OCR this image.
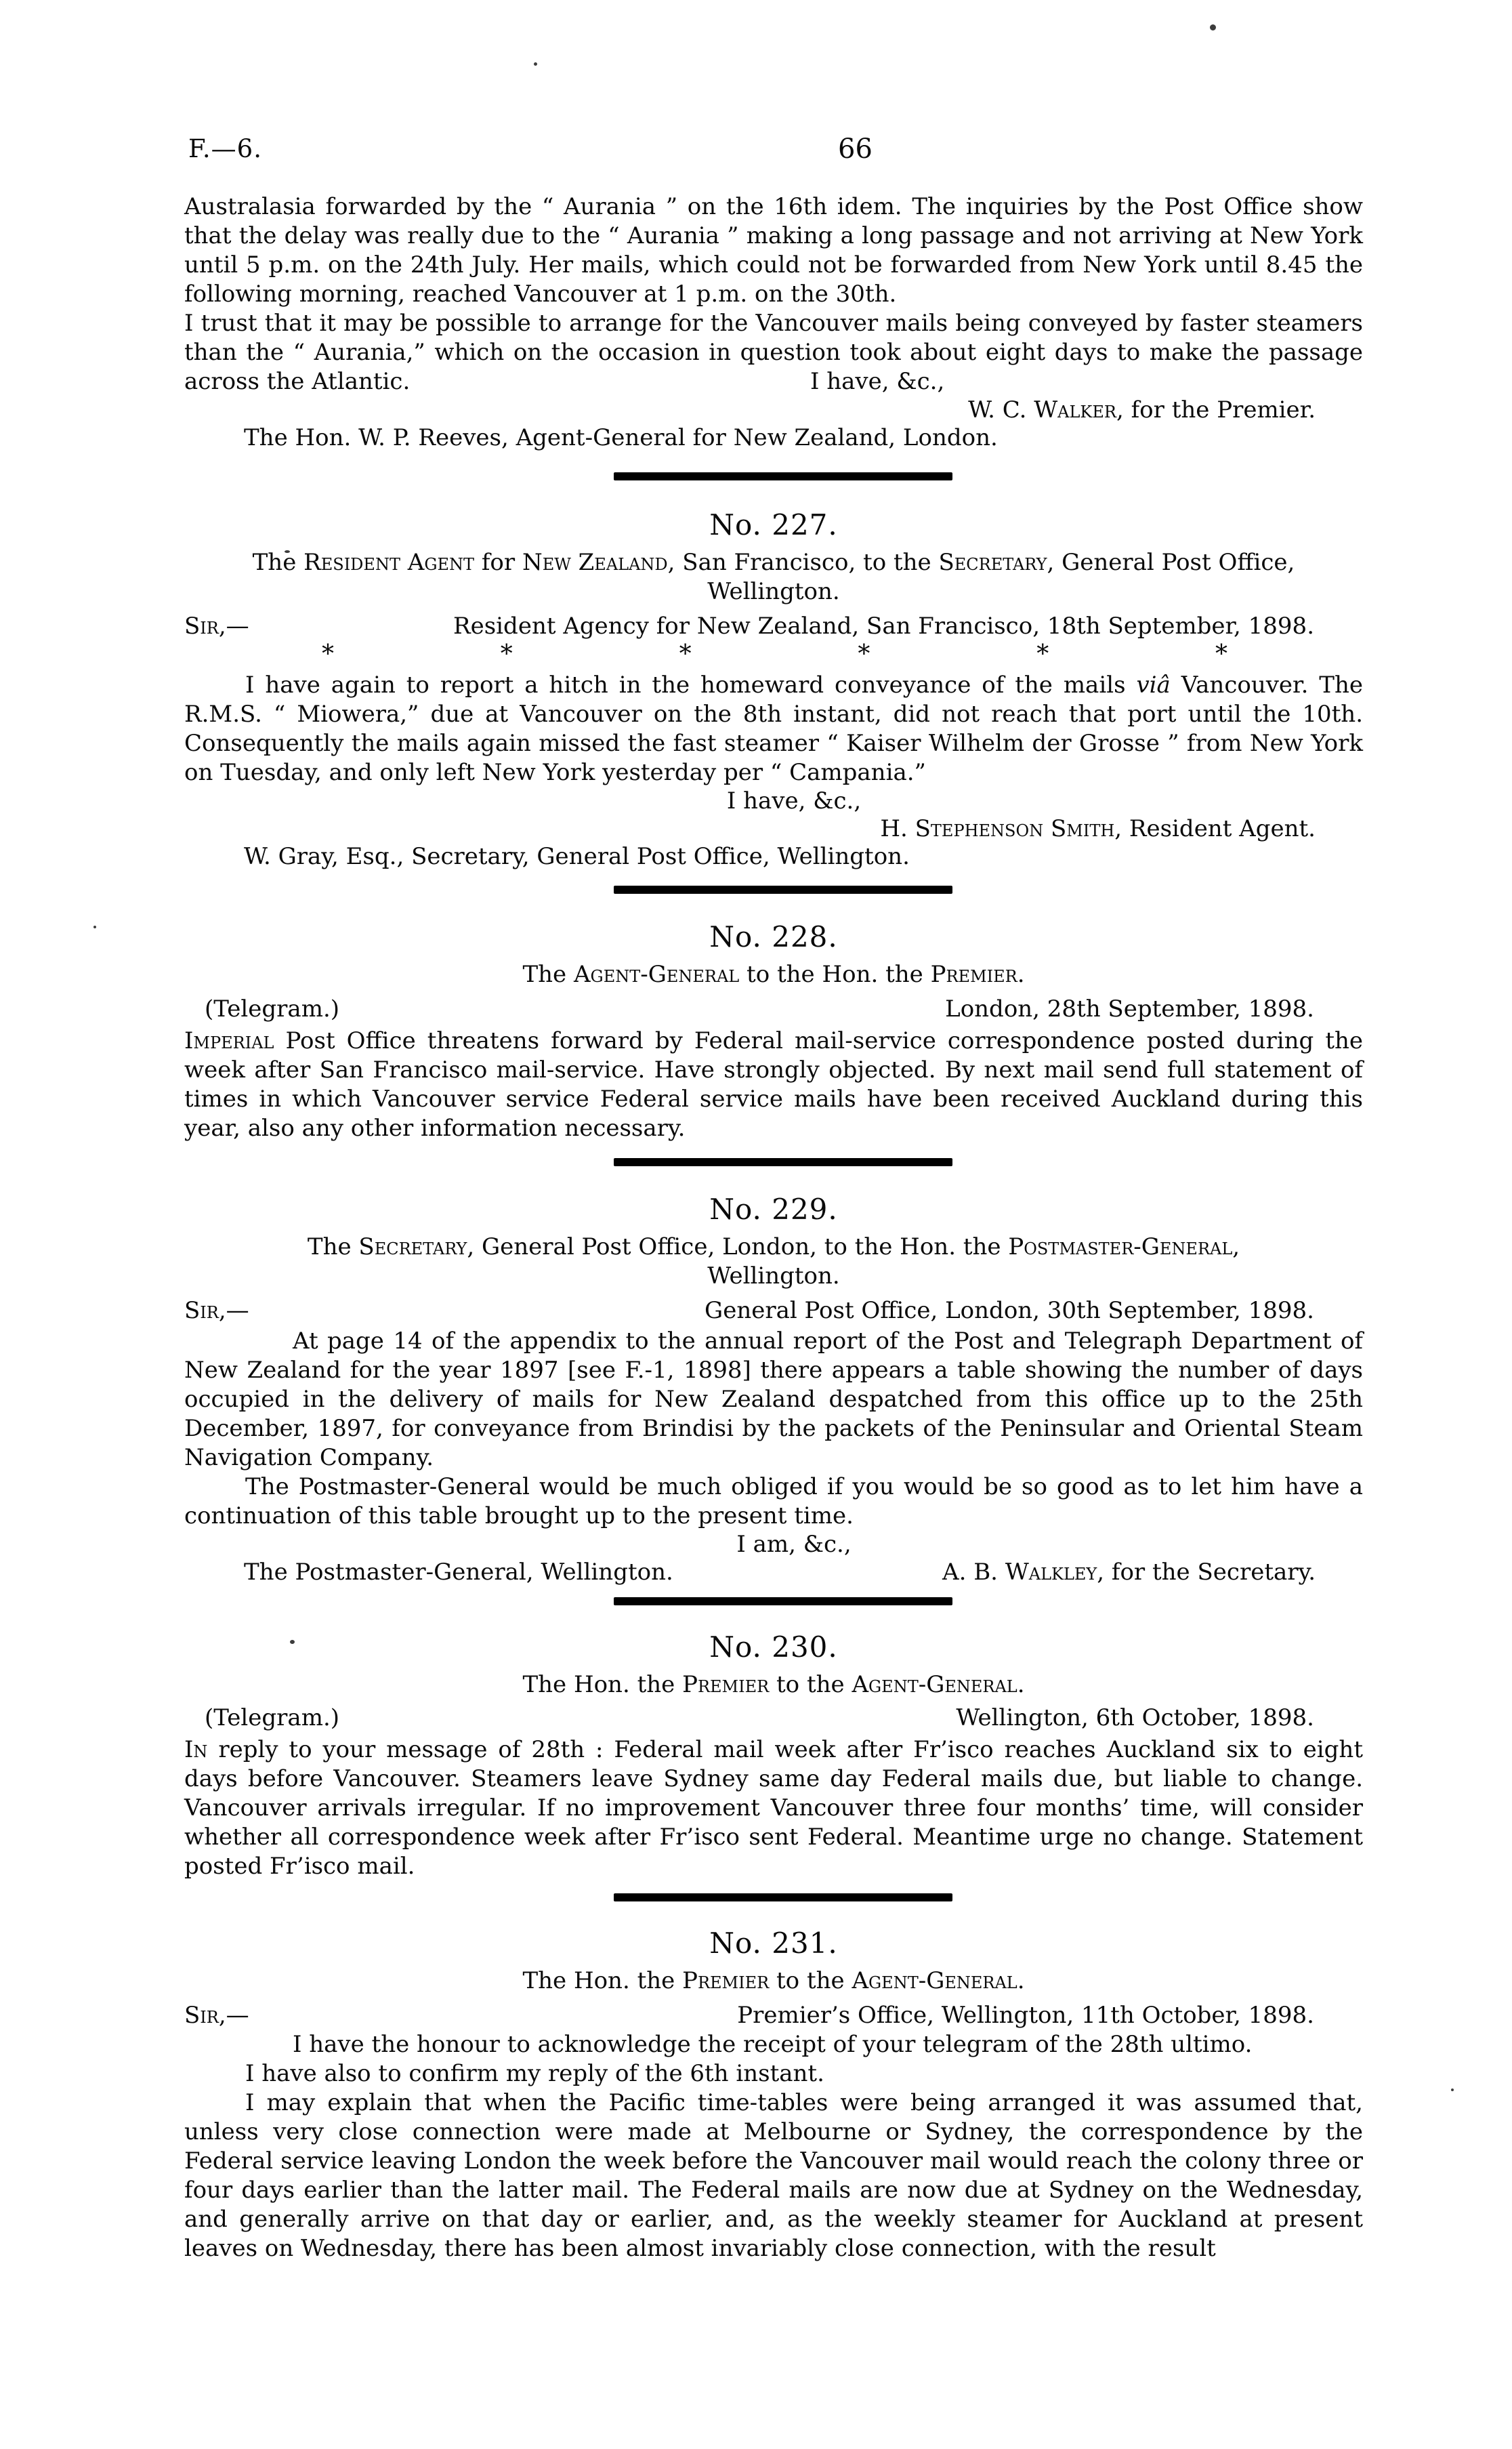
F.—6.	66

Australasia forwarded by the “ Aurania ” on the 16th idem. The inquiries by the Post Office show that the delay was really due to the “ Aurania ” making a long passage and not arriving at New York until 5 p.m. on the 24th July. Her mails, which could not be forwarded from New York until 8.45 the following morning, reached Vancouver at 1 p.m. on the 30th.

I trust that it may be possible to arrange for the Vancouver mails being conveyed by faster steamers than the “ Aurania,” which on the occasion in question took about eight days to make the passage across the Atlantic.	I have, &c.,
W. C. Walker, for the Premier.
The Hon. W. P. Reeves, Agent-General for New Zealand, London.
No. 227.
The Resident Agent for New Zealand, San Francisco, to the Secretary, General Post Office,
Wellington.
Sir,—	Resident Agency for New Zealand, San Francisco, 18th September, 1898.
*	*	*	*	*	*

I have again to report a hitch in the homeward conveyance of the mails viâ Vancouver. The R.M.S. “ Miowera,” due at Vancouver on the 8th instant, did not reach that port until the 10th. Consequently the mails again missed the fast steamer “ Kaiser Wilhelm der Grosse ” from New York on Tuesday, and only left New York yesterday per “ Campania.”

I have, &c.,
H. Stephenson Smith, Resident Agent.
W. Gray, Esq., Secretary, General Post Office, Wellington.
No. 228.
The Agent-General to the Hon. the Premier.
(Telegram.)	London, 28th September, 1898.

Imperial Post Office threatens forward by Federal mail-service correspondence posted during the week after San Francisco mail-service. Have strongly objected. By next mail send full statement of times in which Vancouver service Federal service mails have been received Auckland during this year, also any other information necessary.

No. 229.
The Secretary, General Post Office, London, to the Hon. the Postmaster-General,
Wellington.
Sir,—	General Post Office, London, 30th September, 1898.

At page 14 of the appendix to the annual report of the Post and Telegraph Department of New Zealand for the year 1897 [see F.-1, 1898] there appears a table showing the number of days occupied in the delivery of mails for New Zealand despatched from this office up to the 25th December, 1897, for conveyance from Brindisi by the packets of the Peninsular and Oriental Steam Navigation Company.

The Postmaster-General would be much obliged if you would be so good as to let him have a continuation of this table brought up to the present time.

I am, &c.,
The Postmaster-General, Wellington.	A. B. Walkley, for the Secretary.
No. 230.
The Hon. the Premier to the Agent-General.
(Telegram.)	Wellington, 6th October, 1898.

In reply to your message of 28th : Federal mail week after Fr’isco reaches Auckland six to eight days before Vancouver. Steamers leave Sydney same day Federal mails due, but liable to change. Vancouver arrivals irregular. If no improvement Vancouver three four months’ time, will consider whether all correspondence week after Fr’isco sent Federal. Meantime urge no change. Statement posted Fr’isco mail.

No. 231.
The Hon. the Premier to the Agent-General.
Sir,—	Premier’s Office, Wellington, 11th October, 1898.

I have the honour to acknowledge the receipt of your telegram of the 28th ultimo.

I have also to confirm my reply of the 6th instant.

I may explain that when the Pacific time-tables were being arranged it was assumed that, unless very close connection were made at Melbourne or Sydney, the correspondence by the Federal service leaving London the week before the Vancouver mail would reach the colony three or four days earlier than the latter mail. The Federal mails are now due at Sydney on the Wednesday, and generally arrive on that day or earlier, and, as the weekly steamer for Auckland at present leaves on Wednesday, there has been almost invariably close connection, with the result
